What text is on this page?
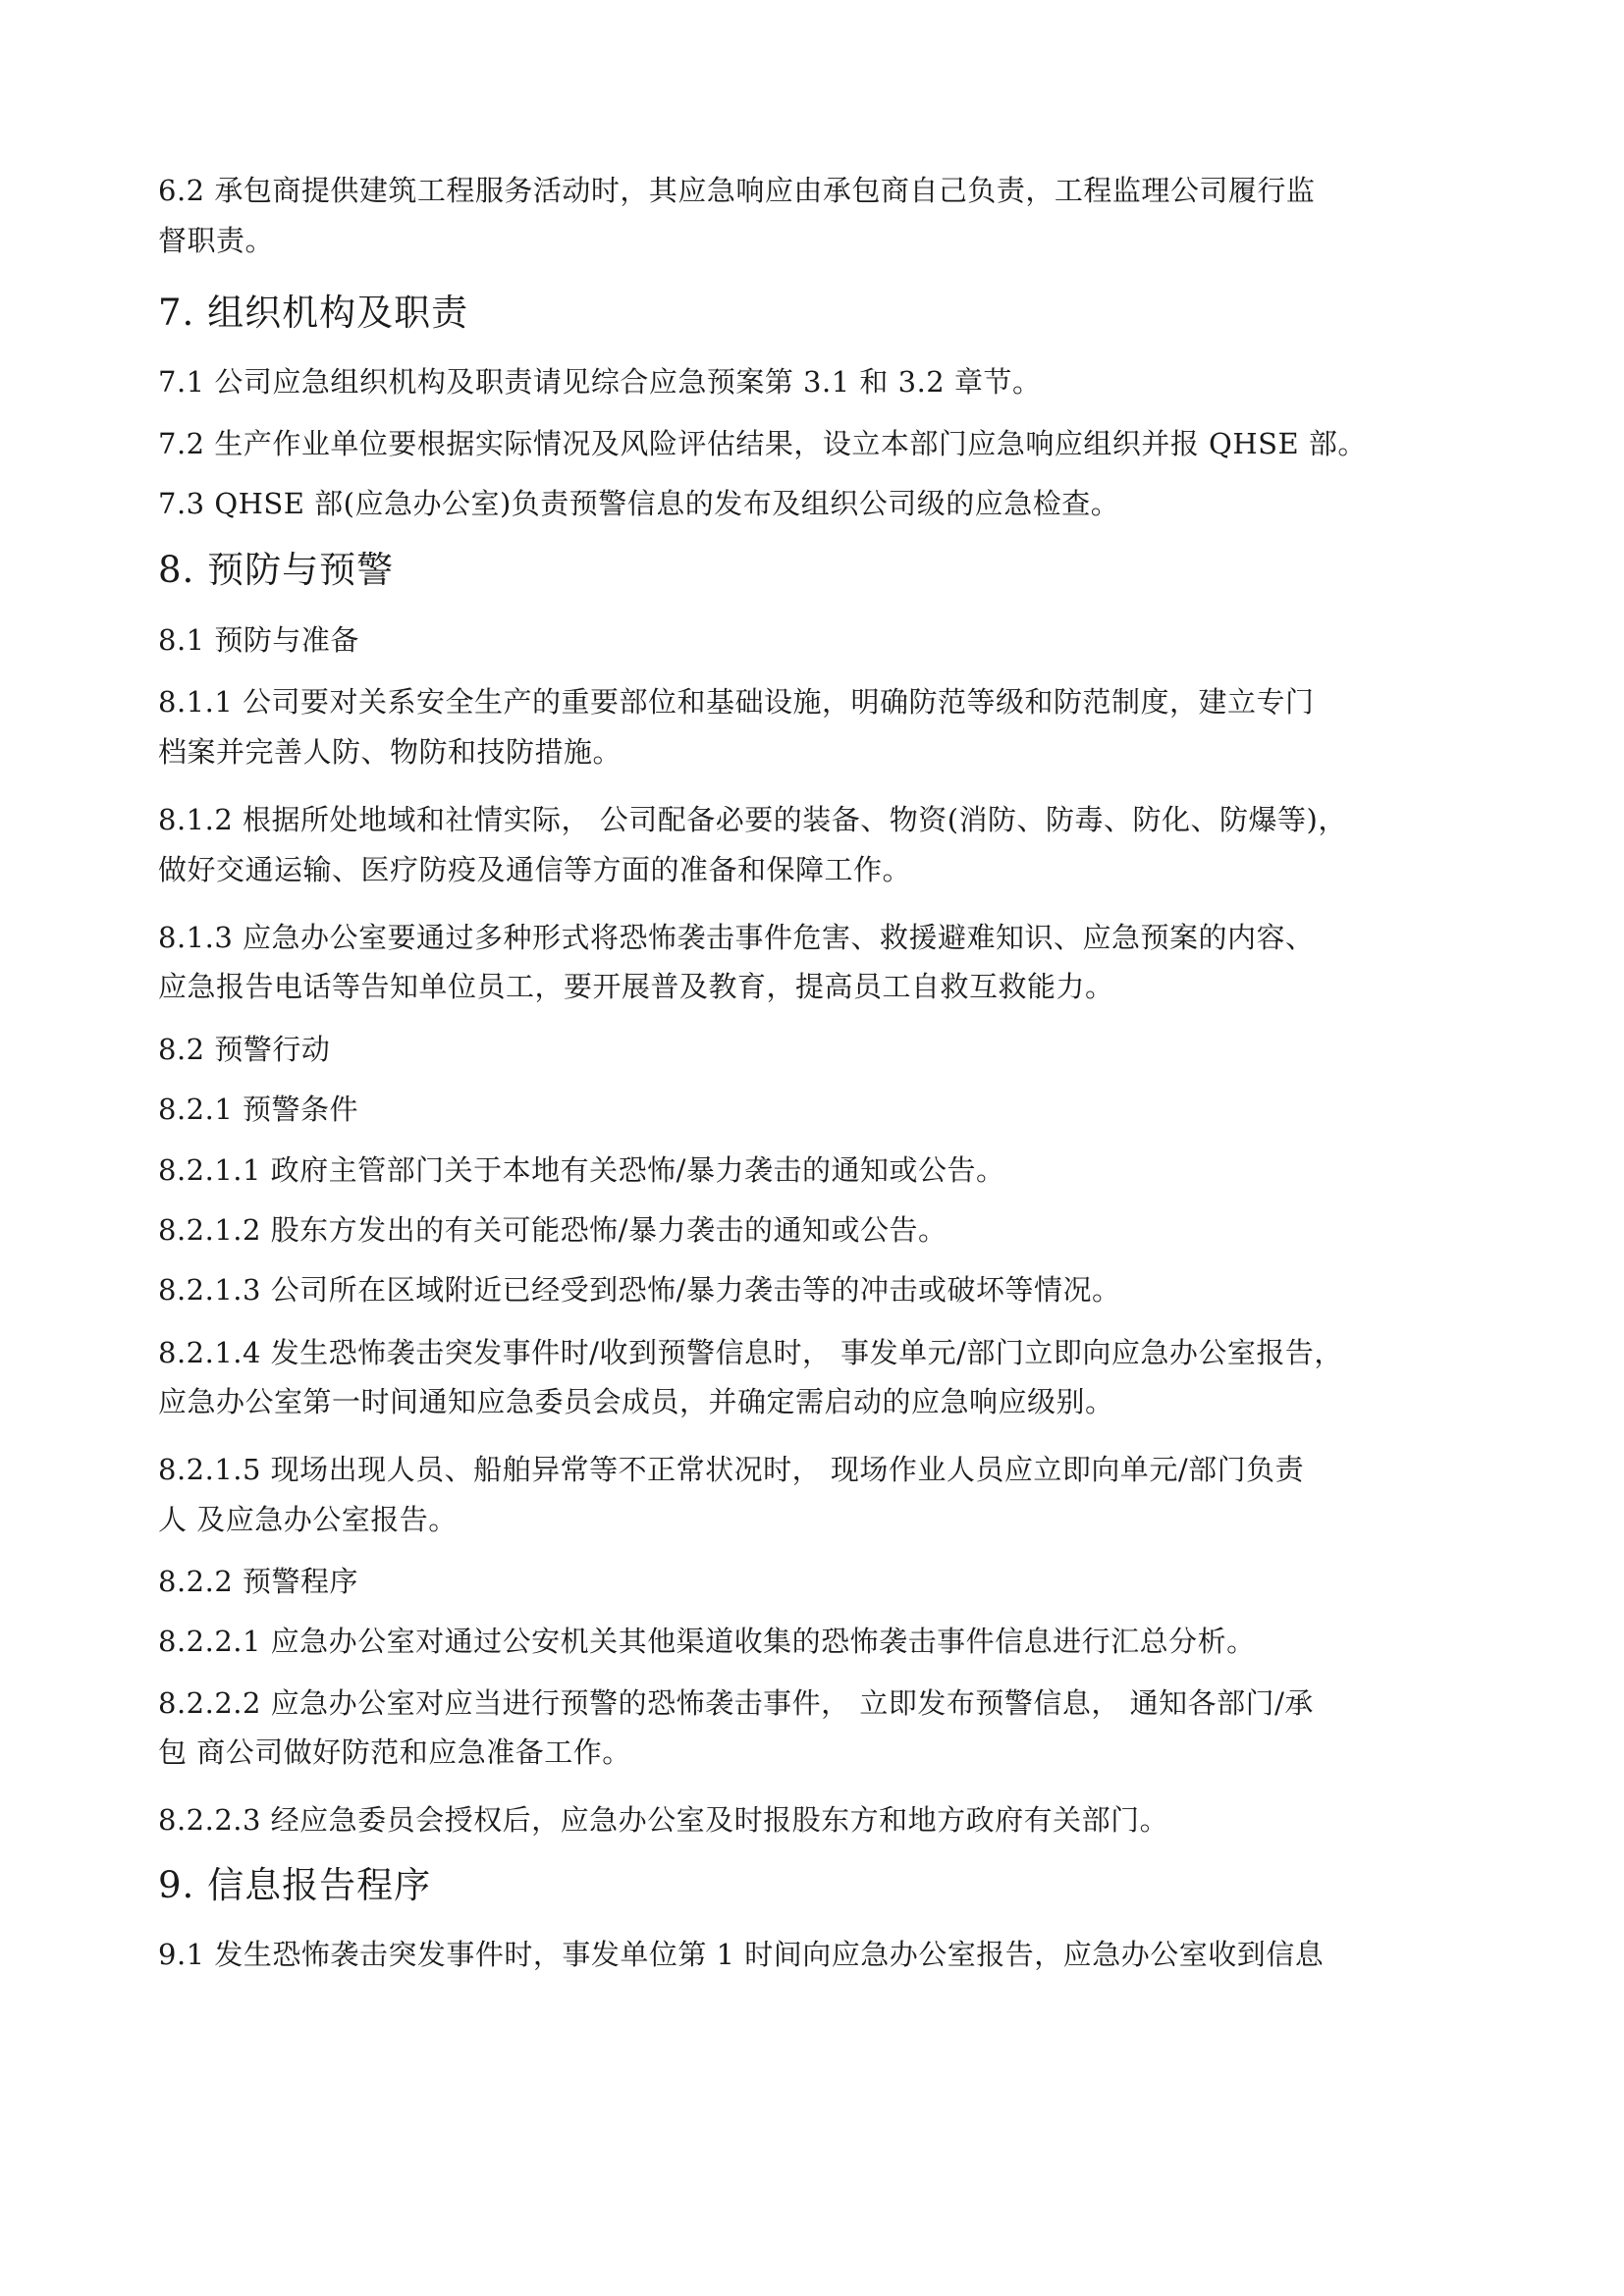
6.2 承包商提供建筑工程服务活动时，其应急响应由承包商自己负责，工程监理公司履行监
督职责。
7. 组织机构及职责
7.1 公司应急组织机构及职责请见综合应急预案第 3.1 和 3.2 章节。
7.2 生产作业单位要根据实际情况及风险评估结果，设立本部门应急响应组织并报 QHSE 部。
7.3 QHSE 部(应急办公室)负责预警信息的发布及组织公司级的应急检查。
8. 预防与预警
8.1 预防与准备
8.1.1 公司要对关系安全生产的重要部位和基础设施，明确防范等级和防范制度，建立专门
档案并完善人防、物防和技防措施。
8.1.2 根据所处地域和社情实际， 公司配备必要的装备、物资(消防、防毒、防化、防爆等)，
做好交通运输、医疗防疫及通信等方面的准备和保障工作。
8.1.3 应急办公室要通过多种形式将恐怖袭击事件危害、救援避难知识、应急预案的内容、
应急报告电话等告知单位员工，要开展普及教育，提高员工自救互救能力。
8.2 预警行动
8.2.1 预警条件
8.2.1.1 政府主管部门关于本地有关恐怖/暴力袭击的通知或公告。
8.2.1.2 股东方发出的有关可能恐怖/暴力袭击的通知或公告。
8.2.1.3 公司所在区域附近已经受到恐怖/暴力袭击等的冲击或破坏等情况。
8.2.1.4 发生恐怖袭击突发事件时/收到预警信息时， 事发单元/部门立即向应急办公室报告，
应急办公室第一时间通知应急委员会成员，并确定需启动的应急响应级别。
8.2.1.5 现场出现人员、船舶异常等不正常状况时， 现场作业人员应立即向单元/部门负责
人 及应急办公室报告。
8.2.2 预警程序
8.2.2.1 应急办公室对通过公安机关其他渠道收集的恐怖袭击事件信息进行汇总分析。
8.2.2.2 应急办公室对应当进行预警的恐怖袭击事件， 立即发布预警信息， 通知各部门/承
包 商公司做好防范和应急准备工作。
8.2.2.3 经应急委员会授权后，应急办公室及时报股东方和地方政府有关部门。
9. 信息报告程序
9.1 发生恐怖袭击突发事件时，事发单位第 1 时间向应急办公室报告，应急办公室收到信息
